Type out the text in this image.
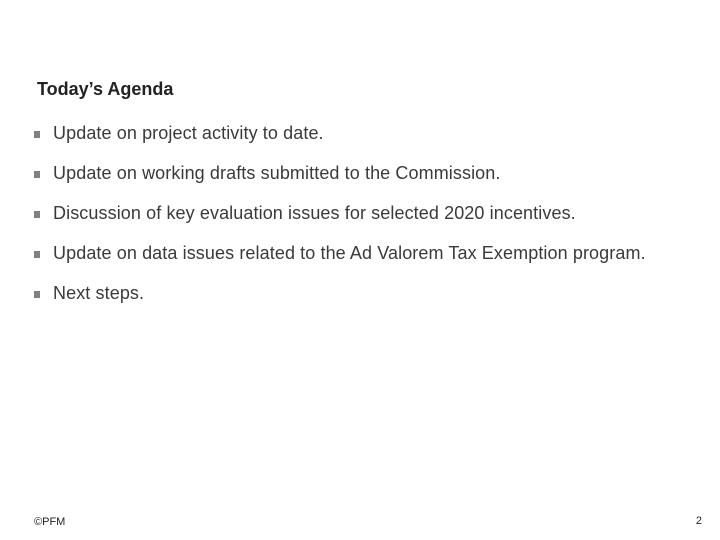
Today’s Agenda
Update on project activity to date.
Update on working drafts submitted to the Commission.
Discussion of key evaluation issues for selected 2020 incentives.
Update on data issues related to the Ad Valorem Tax Exemption program.
Next steps.
©PFM	2
